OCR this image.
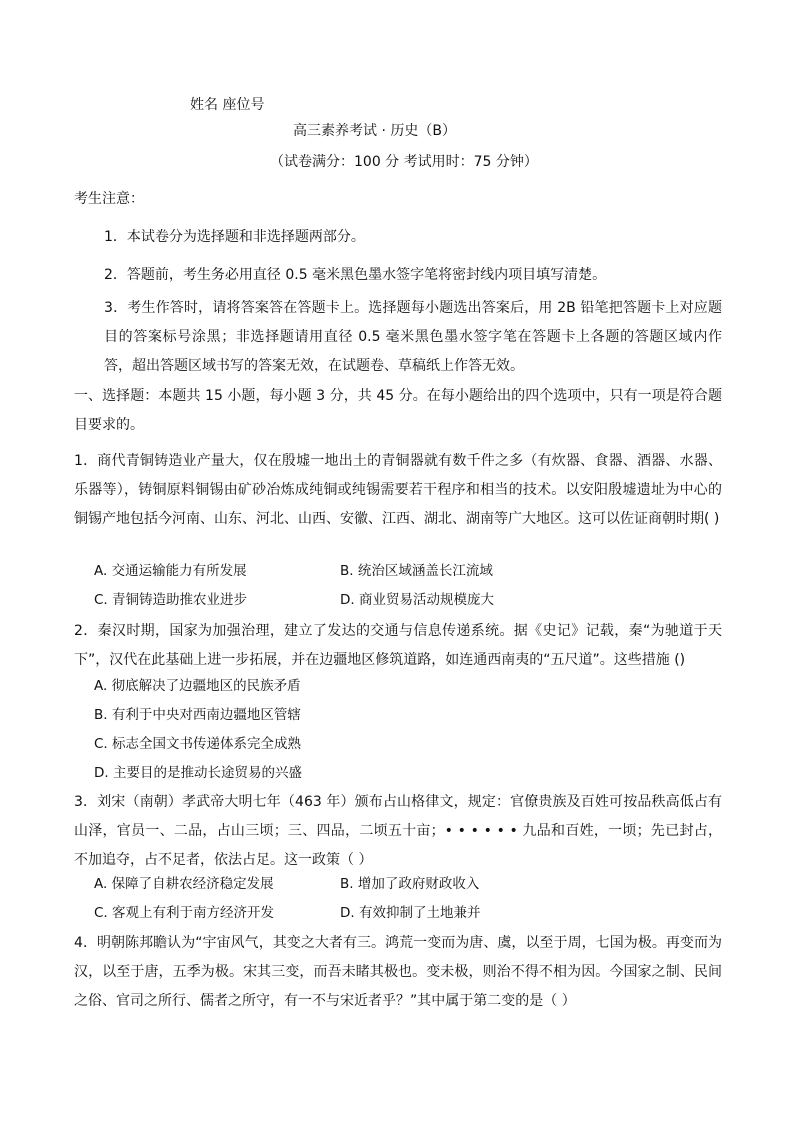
姓名 座位号
高三素养考试 · 历史（B）
（试卷满分：100 分 考试用时：75 分钟）
考生注意：
1．本试卷分为选择题和非选择题两部分。
2．答题前，考生务必用直径 0.5 毫米黑色墨水签字笔将密封线内项目填写清楚。
3．考生作答时，请将答案答在答题卡上。选择题每小题选出答案后，用 2B 铅笔把答题卡上对应题目的答案标号涂黑；非选择题请用直径 0.5 毫米黑色墨水签字笔在答题卡上各题的答题区域内作答，超出答题区域书写的答案无效，在试题卷、草稿纸上作答无效。
一、选择题：本题共 15 小题，每小题 3 分，共 45 分。在每小题给出的四个选项中，只有一项是符合题目要求的。
1．商代青铜铸造业产量大，仅在殷墟一地出土的青铜器就有数千件之多（有炊器、食器、酒器、水器、乐器等），铸铜原料铜锡由矿砂冶炼成纯铜或纯锡需要若干程序和相当的技术。以安阳殷墟遗址为中心的铜锡产地包括今河南、山东、河北、山西、安徽、江西、湖北、湖南等广大地区。这可以佐证商朝时期( )
A. 交通运输能力有所发展	B. 统治区域涵盖长江流域
C. 青铜铸造助推农业进步	D. 商业贸易活动规模庞大
2．秦汉时期，国家为加强治理，建立了发达的交通与信息传递系统。据《史记》记载，秦“为驰道于天下”，汉代在此基础上进一步拓展，并在边疆地区修筑道路，如连通西南夷的“五尺道”。这些措施 ()
A. 彻底解决了边疆地区的民族矛盾
B. 有利于中央对西南边疆地区管辖
C. 标志全国文书传递体系完全成熟
D. 主要目的是推动长途贸易的兴盛
3．刘宋（南朝）孝武帝大明七年（463 年）颁布占山格律文，规定：官僚贵族及百姓可按品秩高低占有山泽，官员一、二品，占山三顷；三、四品，二顷五十亩；• • • • • • 九品和百姓，一顷；先已封占，不加追夺，占不足者，依法占足。这一政策（ ）
A. 保障了自耕农经济稳定发展	B. 增加了政府财政收入
C. 客观上有利于南方经济开发	D. 有效抑制了土地兼并
4．明朝陈邦瞻认为“宇宙风气，其变之大者有三。鸿荒一变而为唐、虞，以至于周，七国为极。再变而为汉，以至于唐，五季为极。宋其三变，而吾未睹其极也。变未极，则治不得不相为因。今国家之制、民间之俗、官司之所行、儒者之所守，有一不与宋近者乎？”其中属于第二变的是（ ）
